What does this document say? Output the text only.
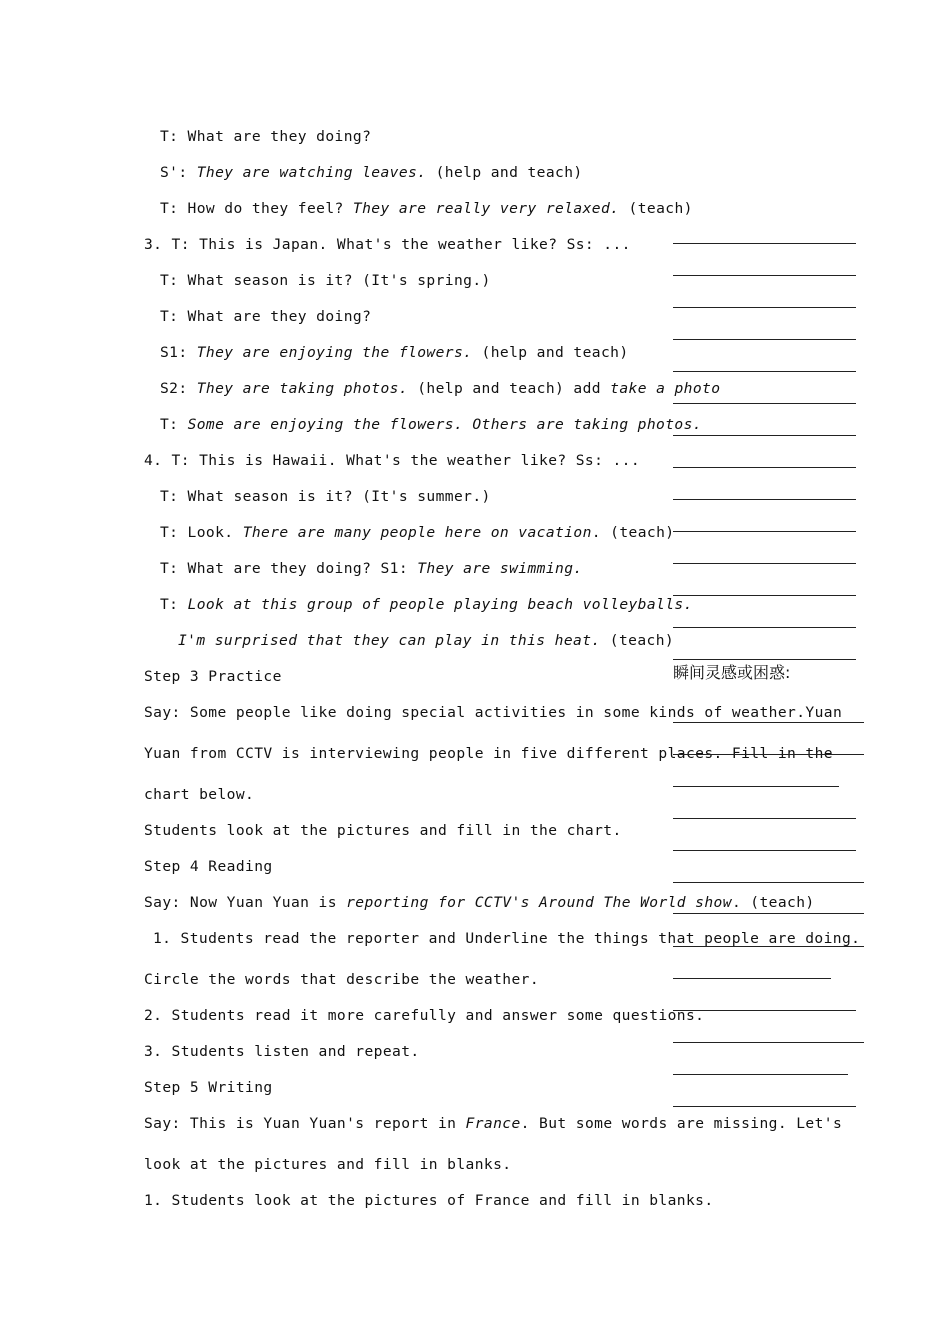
T: What are they doing?
S': They are watching leaves. (help and teach)
T: How do they feel? They are really very relaxed. (teach)
3. T: This is Japan. What's the weather like? Ss: ...
T: What season is it? (It's spring.)
T: What are they doing?
S1: They are enjoying the flowers. (help and teach)
S2: They are taking photos. (help and teach) add take a photo
T: Some are enjoying the flowers. Others are taking photos.
4. T: This is Hawaii. What's the weather like? Ss: ...
T: What season is it? (It's summer.)
T: Look. There are many people here on vacation. (teach)
T: What are they doing? S1: They are swimming.
T: Look at this group of people playing beach volleyballs.
I'm surprised that they can play in this heat. (teach)
Step 3 Practice
Say: Some people like doing special activities in some kinds of weather.Yuan
Yuan from CCTV is interviewing people in five different places. Fill in the
chart below.
Students look at the pictures and fill in the chart.
Step 4 Reading
Say: Now Yuan Yuan is reporting for CCTV's Around The World show. (teach)
1. Students read the reporter and Underline the things that people are doing.
Circle the words that describe the weather.
2. Students read it more carefully and answer some questions.
3. Students listen and repeat.
Step 5 Writing
Say: This is Yuan Yuan's report in France. But some words are missing. Let's
look at the pictures and fill in blanks.
1. Students look at the pictures of France and fill in blanks.
瞬间灵感或困惑:
